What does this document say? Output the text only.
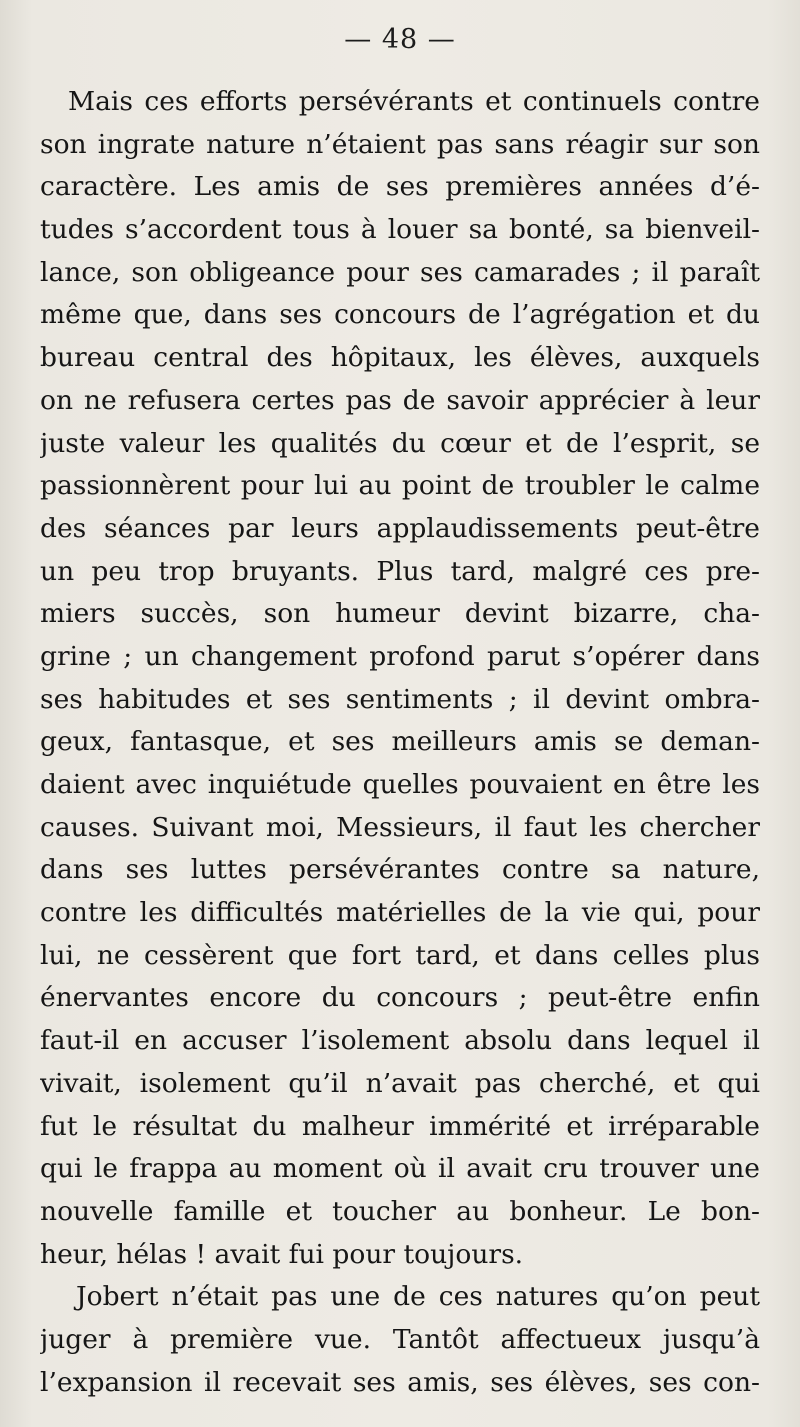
— 48 —
Mais ces efforts persévérants et continuels contre
son ingrate nature n’étaient pas sans réagir sur son
caractère. Les amis de ses premières années d’é-
tudes s’accordent tous à louer sa bonté, sa bienveil-
lance, son obligeance pour ses camarades ; il paraît
même que, dans ses concours de l’agrégation et du
bureau central des hôpitaux, les élèves, auxquels
on ne refusera certes pas de savoir apprécier à leur
juste valeur les qualités du cœur et de l’esprit, se
passionnèrent pour lui au point de troubler le calme
des séances par leurs applaudissements peut-être
un peu trop bruyants. Plus tard, malgré ces pre-
miers succès, son humeur devint bizarre, cha-
grine ; un changement profond parut s’opérer dans
ses habitudes et ses sentiments ; il devint ombra-
geux, fantasque, et ses meilleurs amis se deman-
daient avec inquiétude quelles pouvaient en être les
causes. Suivant moi, Messieurs, il faut les chercher
dans ses luttes persévérantes contre sa nature,
contre les difficultés matérielles de la vie qui, pour
lui, ne cessèrent que fort tard, et dans celles plus
énervantes encore du concours ; peut-être enfin
faut-il en accuser l’isolement absolu dans lequel il
vivait, isolement qu’il n’avait pas cherché, et qui
fut le résultat du malheur immérité et irréparable
qui le frappa au moment où il avait cru trouver une
nouvelle famille et toucher au bonheur. Le bon-
heur, hélas ! avait fui pour toujours.
Jobert n’était pas une de ces natures qu’on peut
juger à première vue. Tantôt affectueux jusqu’à
l’expansion il recevait ses amis, ses élèves, ses con-
